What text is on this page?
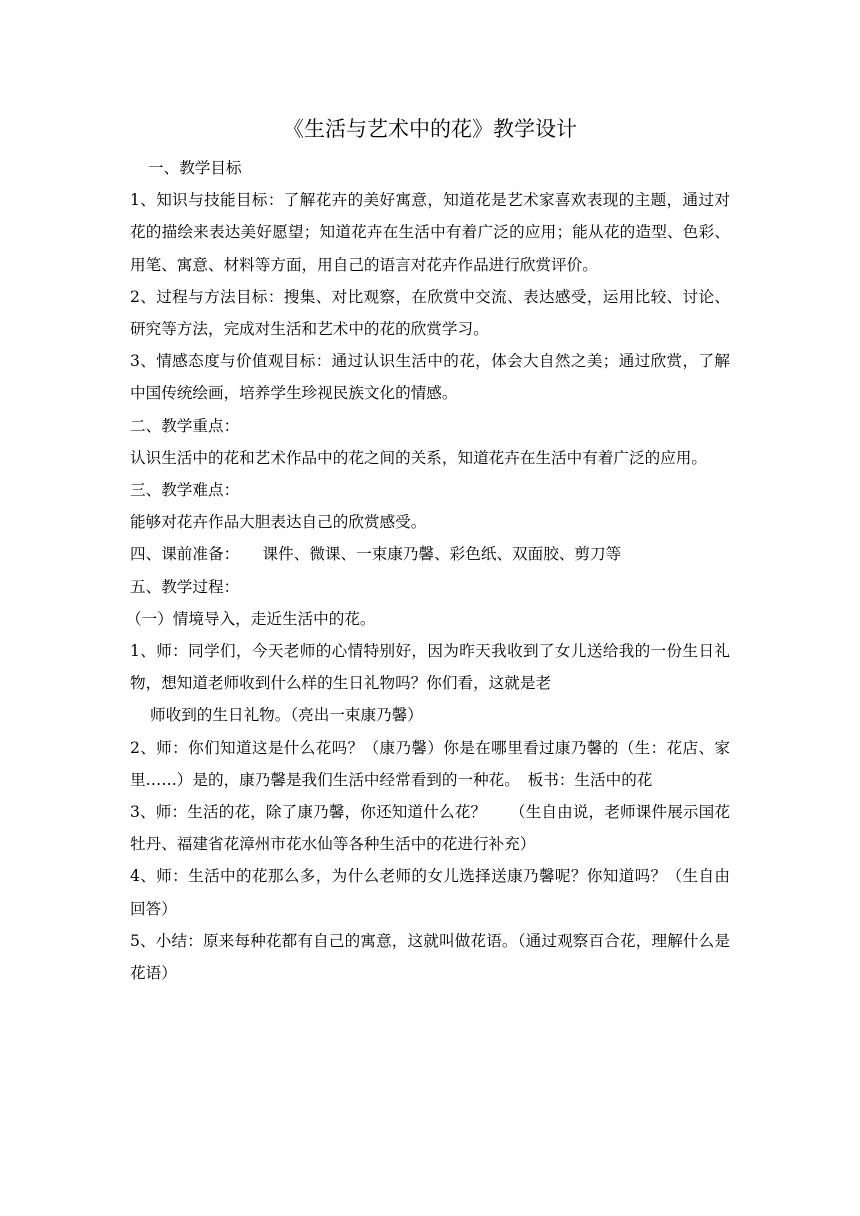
《生活与艺术中的花》教学设计

一、教学目标

1、知识与技能目标：了解花卉的美好寓意，知道花是艺术家喜欢表现的主题，通过对花的描绘来表达美好愿望；知道花卉在生活中有着广泛的应用；能从花的造型、色彩、用笔、寓意、材料等方面，用自己的语言对花卉作品进行欣赏评价。

2、过程与方法目标：搜集、对比观察，在欣赏中交流、表达感受，运用比较、讨论、研究等方法，完成对生活和艺术中的花的欣赏学习。

3、情感态度与价值观目标：通过认识生活中的花，体会大自然之美；通过欣赏，了解中国传统绘画，培养学生珍视民族文化的情感。

二、教学重点：

认识生活中的花和艺术作品中的花之间的关系，知道花卉在生活中有着广泛的应用。

三、教学难点：

能够对花卉作品大胆表达自己的欣赏感受。

四、课前准备：　　课件、微课、一束康乃馨、彩色纸、双面胶、剪刀等

五、教学过程：

（一）情境导入，走近生活中的花。

1、师：同学们，今天老师的心情特别好，因为昨天我收到了女儿送给我的一份生日礼物，想知道老师收到什么样的生日礼物吗？你们看，这就是老

师收到的生日礼物。（亮出一束康乃馨）

2、师：你们知道这是什么花吗？（康乃馨）你是在哪里看过康乃馨的（生：花店、家里……）是的，康乃馨是我们生活中经常看到的一种花。　板书：生活中的花

3、师：生活的花，除了康乃馨，你还知道什么花？　　（生自由说，老师课件展示国花牡丹、福建省花漳州市花水仙等各种生活中的花进行补充）

4、师：生活中的花那么多，为什么老师的女儿选择送康乃馨呢？你知道吗？（生自由回答）

5、小结：原来每种花都有自己的寓意，这就叫做花语。（通过观察百合花，理解什么是花语）
